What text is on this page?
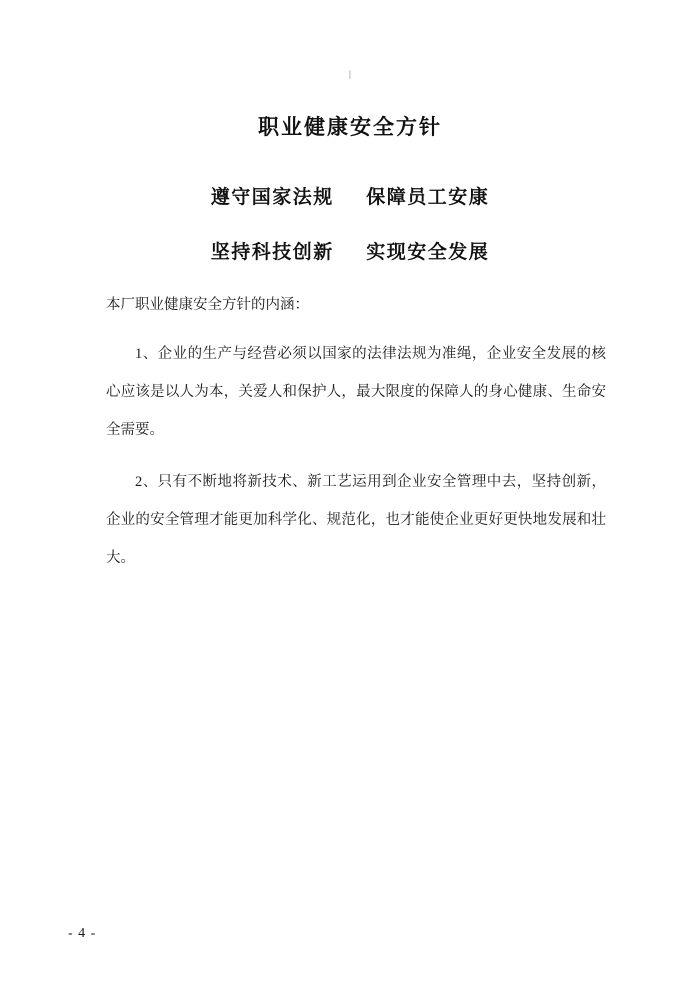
丨
职业健康安全方针
遵守国家法规    保障员工安康
坚持科技创新    实现安全发展
本厂职业健康安全方针的内涵：

1、企业的生产与经营必须以国家的法律法规为准绳，企业安全发展的核心应该是以人为本，关爱人和保护人，最大限度的保障人的身心健康、生命安全需要。

2、只有不断地将新技术、新工艺运用到企业安全管理中去，坚持创新，企业的安全管理才能更加科学化、规范化，也才能使企业更好更快地发展和壮大。

- 4 -
